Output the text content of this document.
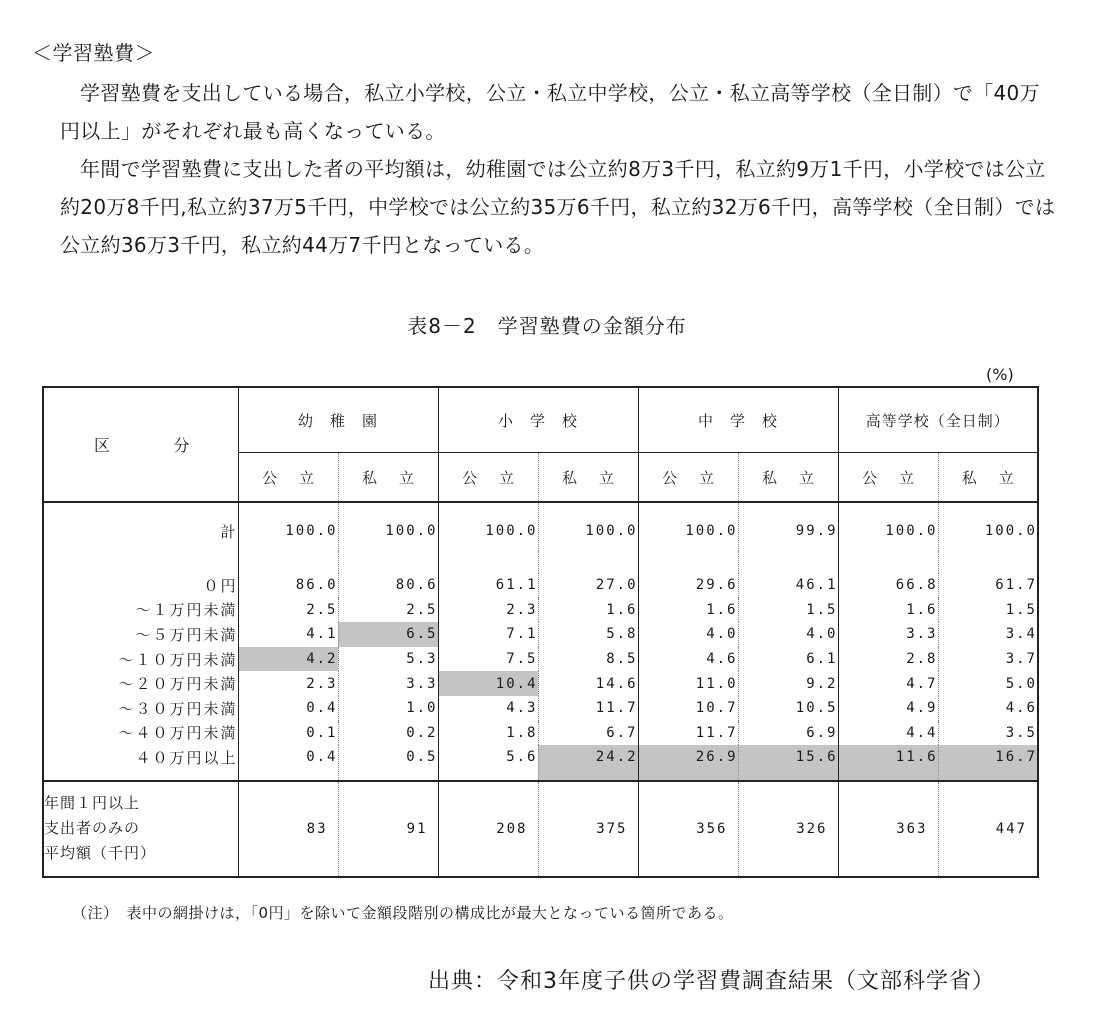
＜学習塾費＞
学習塾費を支出している場合，私立小学校，公立・私立中学校，公立・私立高等学校（全日制）で「40万円以上」がそれぞれ最も高くなっている。
年間で学習塾費に支出した者の平均額は，幼稚園では公立約8万3千円，私立約9万1千円，小学校では公立約20万8千円,私立約37万5千円，中学校では公立約35万6千円，私立約32万6千円，高等学校（全日制）では公立約36万3千円，私立約44万7千円となっている。
表8－2　学習塾費の金額分布
(%)
区 分	幼　稚　園		小　学　校		中　学　校		高等学校（全日制）	
	公立	私立	公立	私立	公立	私立	公立	私立
計	100.0	100.0	100.0	100.0	100.0	99.9	100.0	100.0

０円	86.0	80.6	61.1	27.0	29.6	46.1	66.8	61.7
～１万円未満	2.5	2.5	2.3	1.6	1.6	1.5	1.6	1.5
～５万円未満	4.1	6.5	7.1	5.8	4.0	4.0	3.3	3.4
～１０万円未満	4.2	5.3	7.5	8.5	4.6	6.1	2.8	3.7
～２０万円未満	2.3	3.3	10.4	14.6	11.0	9.2	4.7	5.0
～３０万円未満	0.4	1.0	4.3	11.7	10.7	10.5	4.9	4.6
～４０万円未満	0.1	0.2	1.8	6.7	11.7	6.9	4.4	3.5
４０万円以上	0.4	0.5	5.6	24.2	26.9	15.6	11.6	16.7

年間１円以上
支出者のみの
平均額（千円）	83	91	208	375	356	326	363	447
（注）　表中の網掛けは，「0円」を除いて金額段階別の構成比が最大となっている箇所である。
出典：令和3年度子供の学習費調査結果（文部科学省）
